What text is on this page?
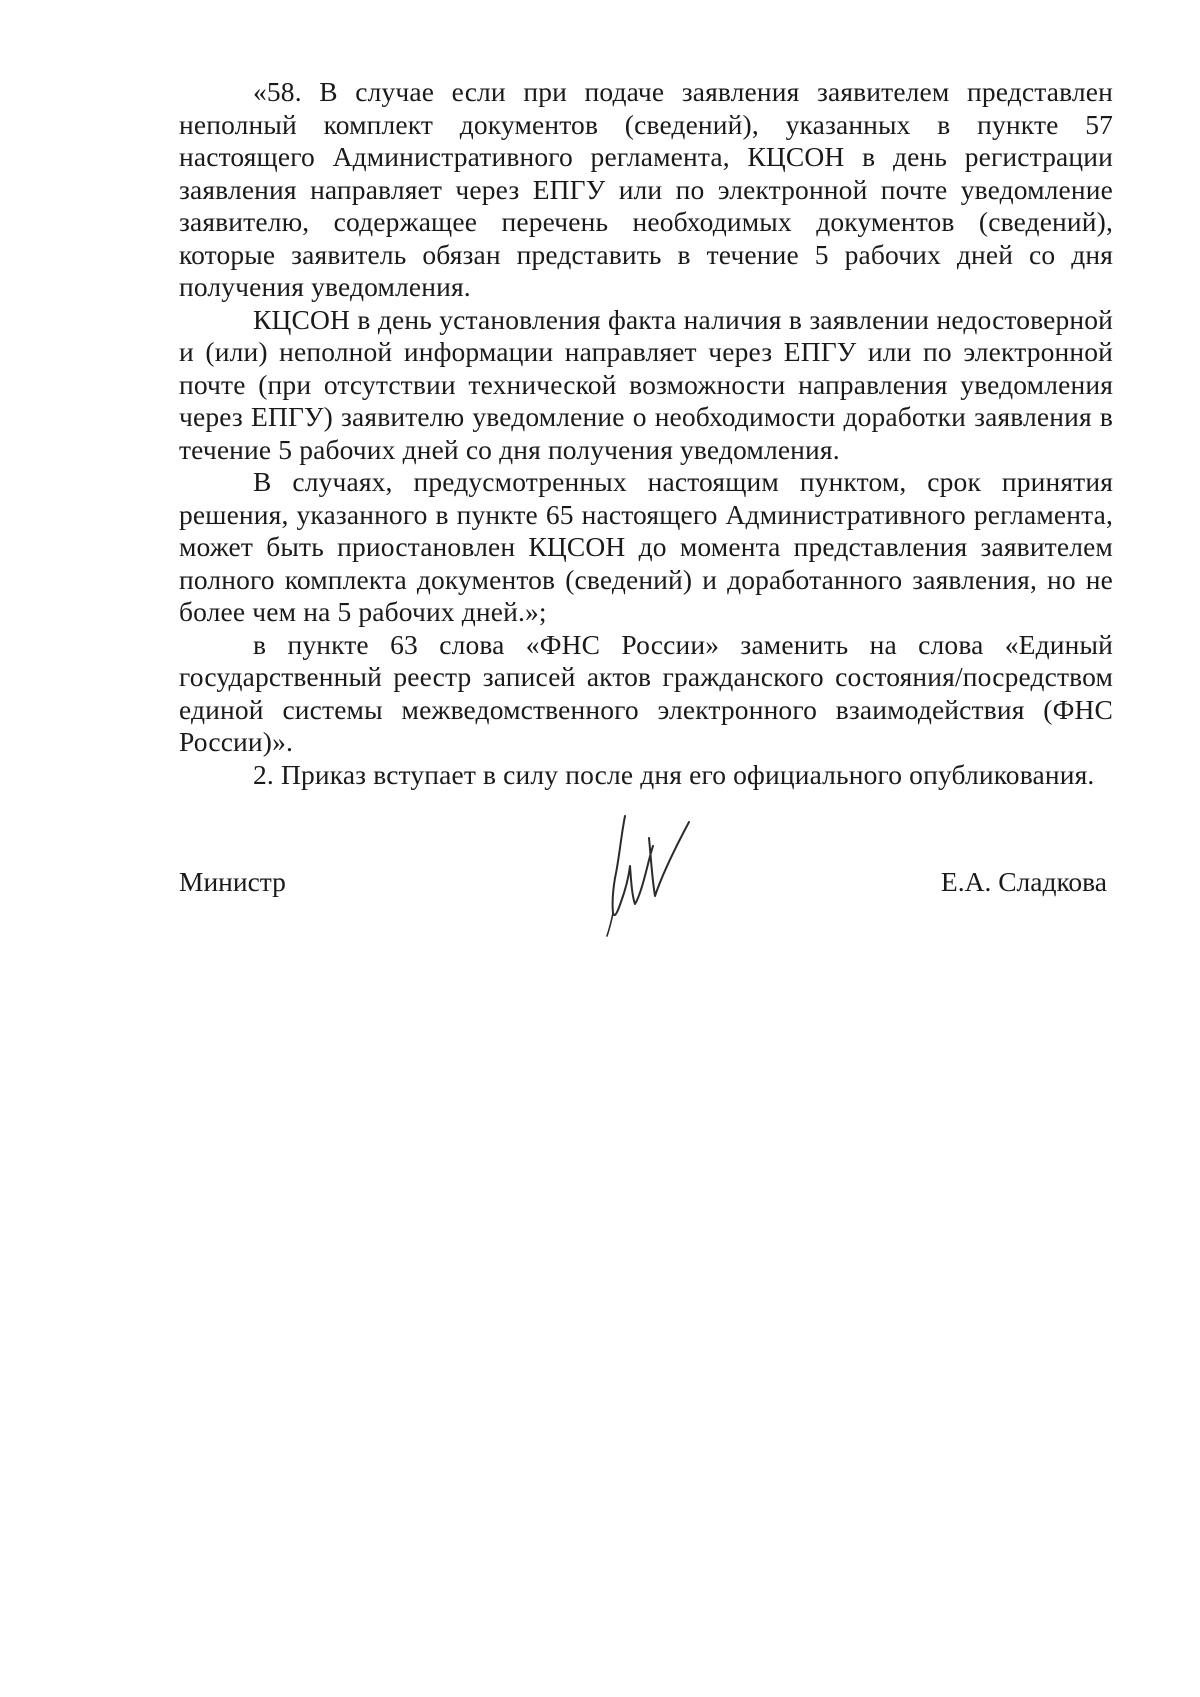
«58. В случае если при подаче заявления заявителем представлен неполный комплект документов (сведений), указанных в пункте 57 настоящего Административного регламента, КЦСОН в день регистрации заявления направляет через ЕПГУ или по электронной почте уведомление заявителю, содержащее перечень необходимых документов (сведений), которые заявитель обязан представить в течение 5 рабочих дней со дня получения уведомления.

КЦСОН в день установления факта наличия в заявлении недостоверной и (или) неполной информации направляет через ЕПГУ или по электронной почте (при отсутствии технической возможности направления уведомления через ЕПГУ) заявителю уведомление о необходимости доработки заявления в течение 5 рабочих дней со дня получения уведомления.

В случаях, предусмотренных настоящим пунктом, срок принятия решения, указанного в пункте 65 настоящего Административного регламента, может быть приостановлен КЦСОН до момента представления заявителем полного комплекта документов (сведений) и доработанного заявления, но не более чем на 5 рабочих дней.»;

в пункте 63 слова «ФНС России» заменить на слова «Единый государственный реестр записей актов гражданского состояния/посредством единой системы межведомственного электронного взаимодействия (ФНС России)».

2. Приказ вступает в силу после дня его официального опубликования.

Министр	Е.А. Сладкова
